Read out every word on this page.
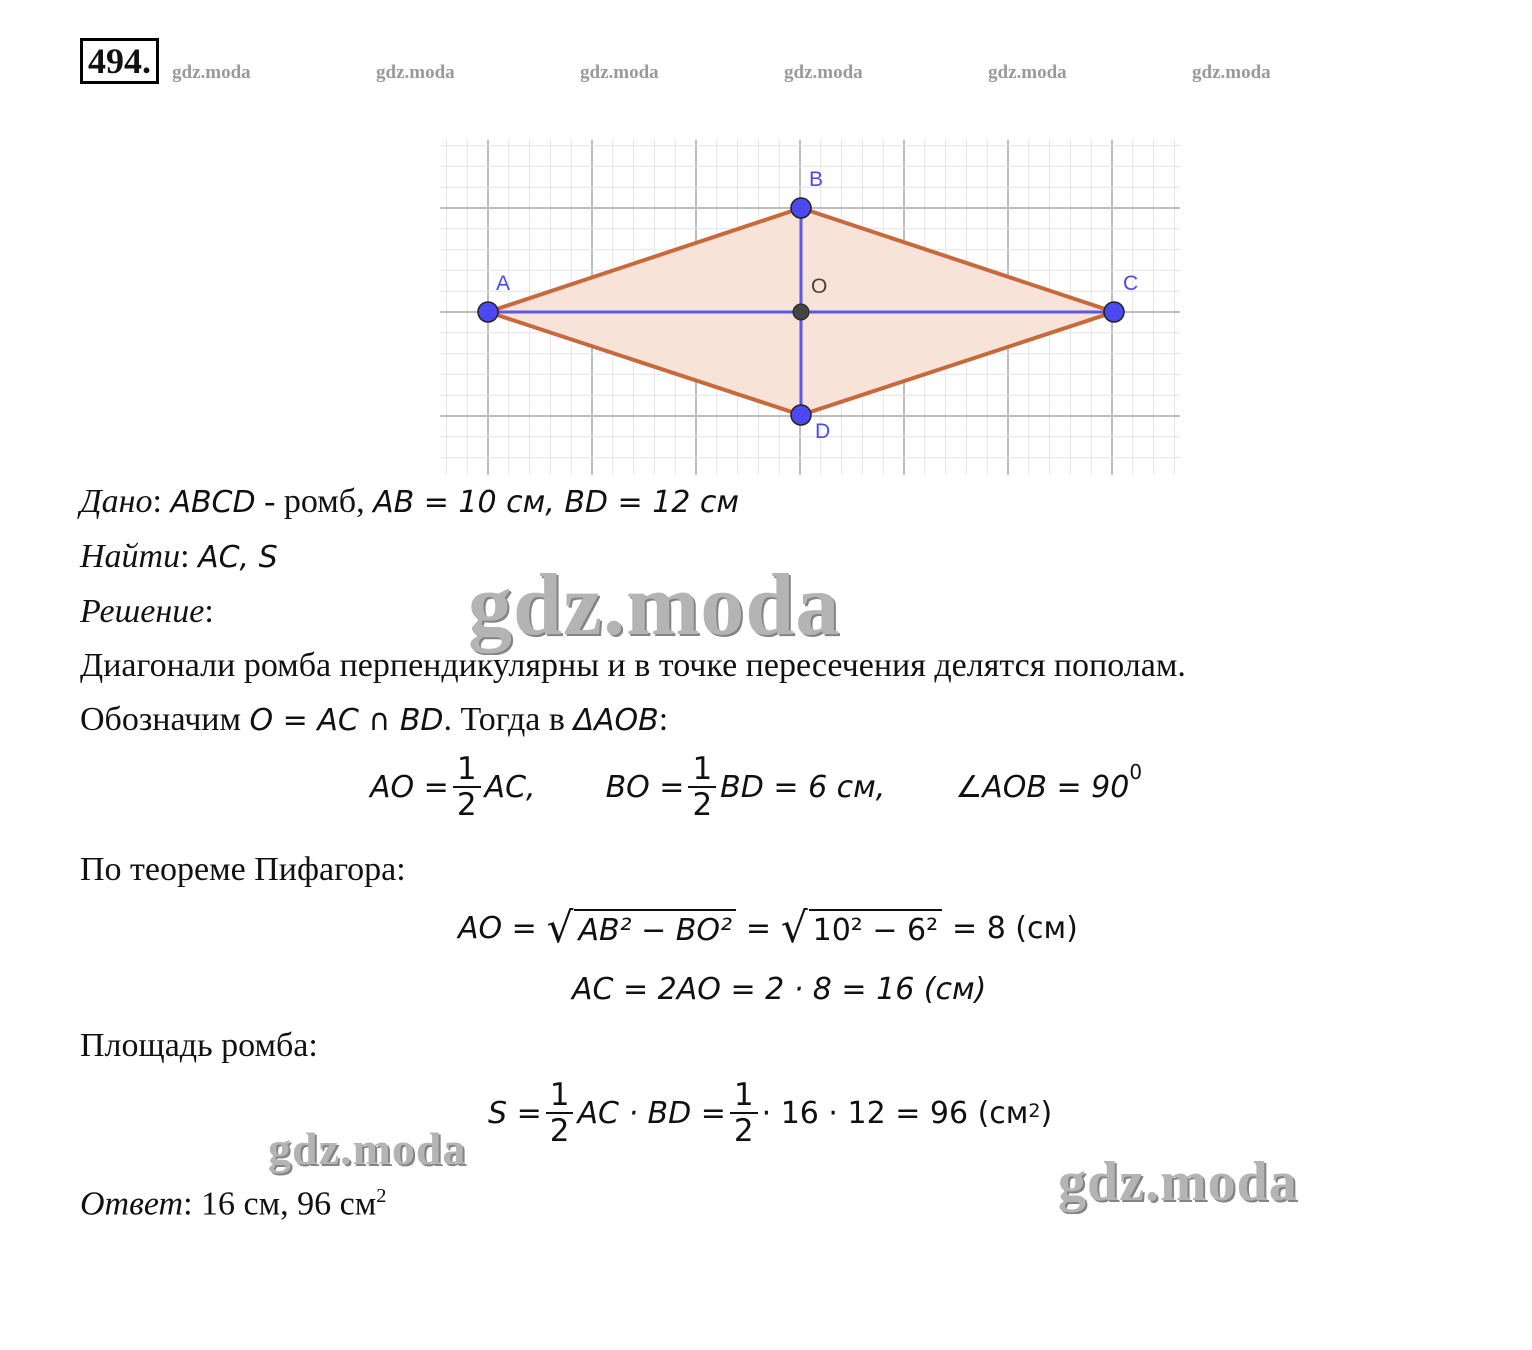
494.	gdz.moda	gdz.moda	gdz.moda	gdz.moda	gdz.moda	gdz.moda
A
B
C
D
O
Дано: ABCD - ромб, AB = 10 см, BD = 12 см
Найти: AC, S
Решение:	gdz.moda
Диагонали ромба перпендикулярны и в точке пересечения делятся пополам.
Обозначим O = AC ∩ BD. Тогда в ΔAOB:
AO = $\frac{1}{2}$ AC, BO = $\frac{1}{2}$ BD = 6 см, ∠AOB = $90^0$
По теореме Пифагора:
AO =
√ AB² − BO²
=
√ 10² − 6²
= 8 (см)
AC = 2AO = 2 · 8 = 16 (см)
Площадь ромба:
$S = \frac{1}{2}$ AC · BD = $\frac{1}{2} \cdot 16 \cdot 12 = 96$ (см 2 )
gdz.moda
gdz.moda
Ответ: 16 см, 96 $см^2$
